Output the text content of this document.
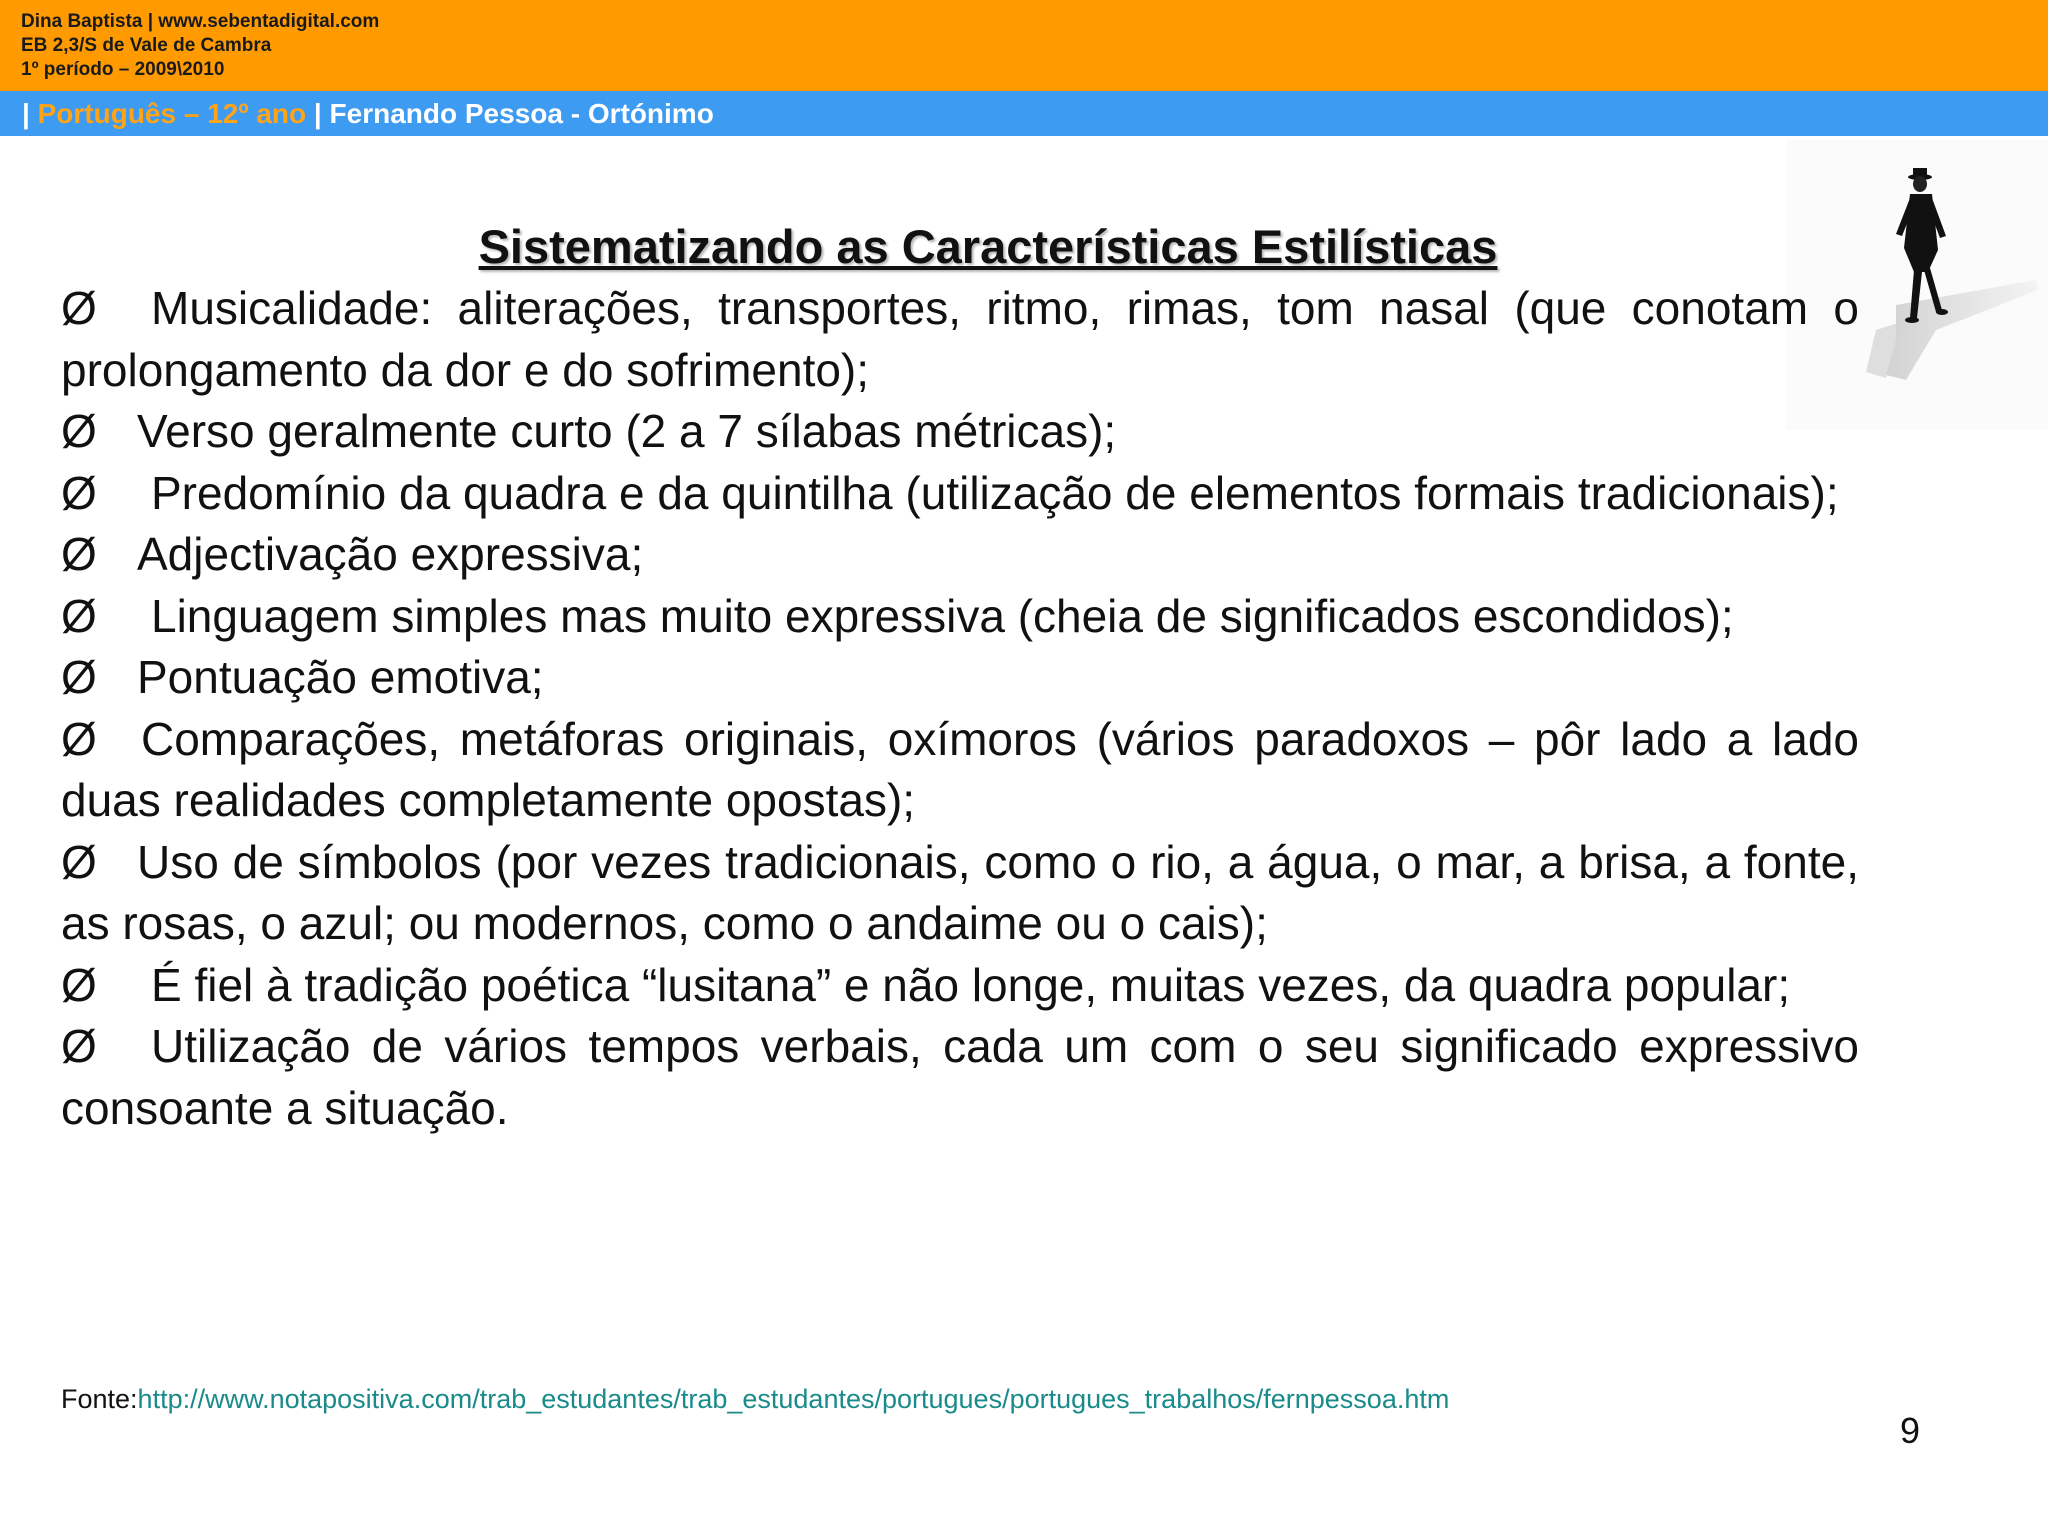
Dina Baptista | www.sebentadigital.com
EB 2,3/S de Vale de Cambra
1º período – 2009\2010
| Português – 12º ano | Fernando Pessoa - Ortónimo
Sistematizando as Características Estilísticas

Ø Musicalidade: aliterações, transportes, ritmo, rimas, tom nasal (que conotam o prolongamento da dor e do sofrimento);

Ø Verso geralmente curto (2 a 7 sílabas métricas);

Ø Predomínio da quadra e da quintilha (utilização de elementos formais tradicionais);

Ø Adjectivação expressiva;

Ø Linguagem simples mas muito expressiva (cheia de significados escondidos);

Ø Pontuação emotiva;

Ø Comparações, metáforas originais, oxímoros (vários paradoxos – pôr lado a lado duas realidades completamente opostas);

Ø Uso de símbolos (por vezes tradicionais, como o rio, a água, o mar, a brisa, a fonte, as rosas, o azul; ou modernos, como o andaime ou o cais);

Ø É fiel à tradição poética “lusitana” e não longe, muitas vezes, da quadra popular;

Ø Utilização de vários tempos verbais, cada um com o seu significado expressivo consoante a situação.

Fonte:http://www.notapositiva.com/trab_estudantes/trab_estudantes/portugues/portugues_trabalhos/fernpessoa.htm
9
